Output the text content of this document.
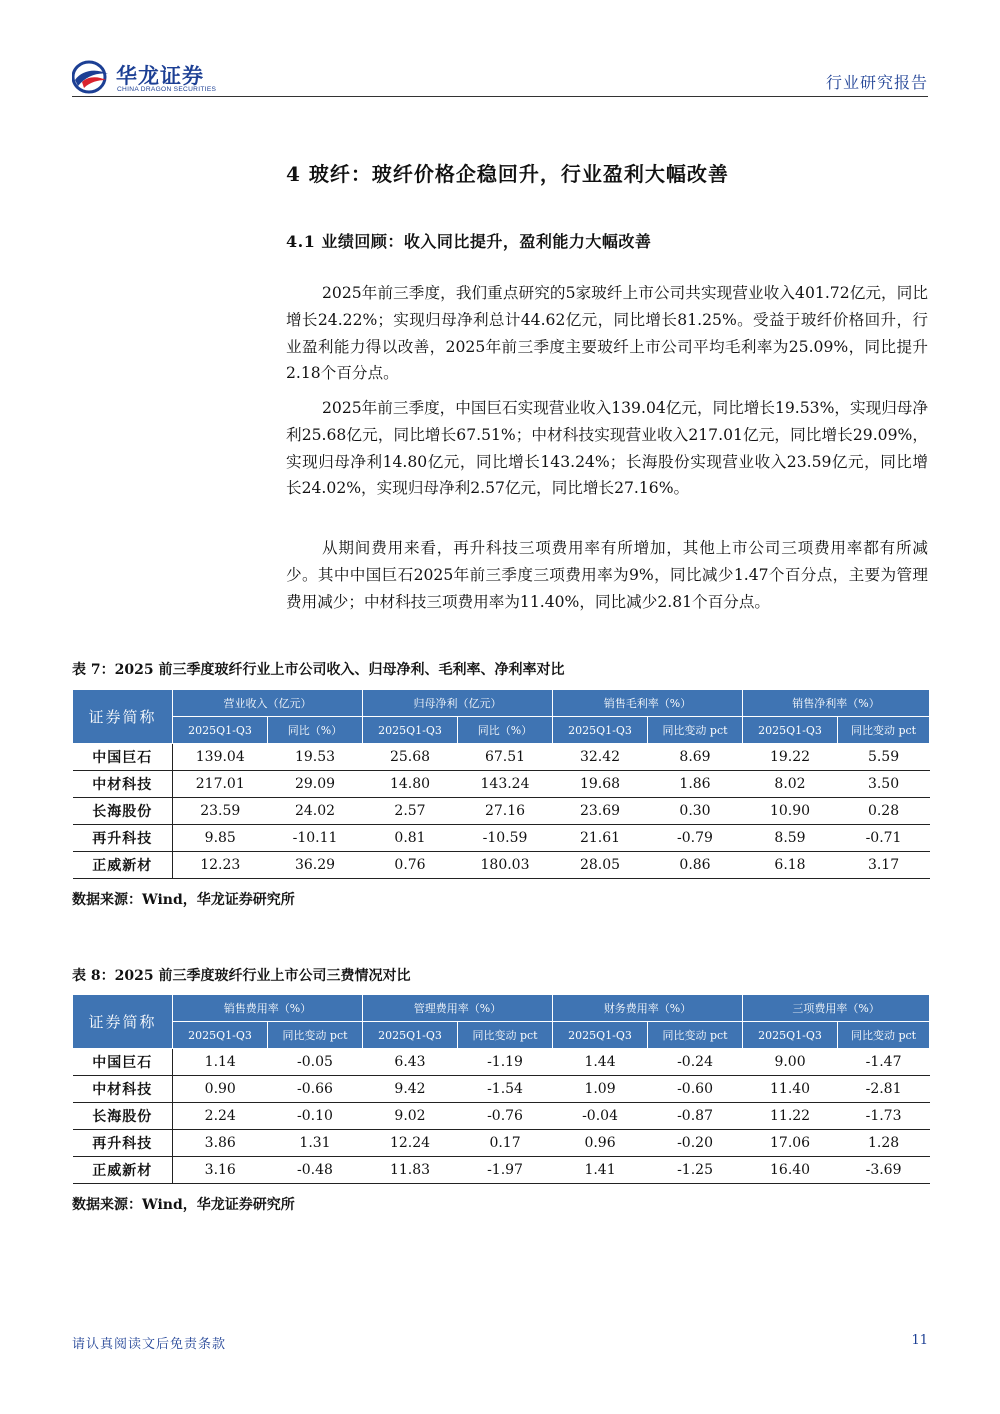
华龙证券
CHINA DRAGON SECURITIES	行业研究报告
4 玻纤：玻纤价格企稳回升，行业盈利大幅改善
4.1 业绩回顾：收入同比提升，盈利能力大幅改善
2025年前三季度，我们重点研究的5家玻纤上市公司共实现营业收入401.72亿元，同比增长24.22%；实现归母净利总计44.62亿元，同比增长81.25%。受益于玻纤价格回升，行业盈利能力得以改善，2025年前三季度主要玻纤上市公司平均毛利率为25.09%，同比提升2.18个百分点。
2025年前三季度，中国巨石实现营业收入139.04亿元，同比增长19.53%，实现归母净利25.68亿元，同比增长67.51%；中材科技实现营业收入217.01亿元，同比增长29.09%，实现归母净利14.80亿元，同比增长143.24%；长海股份实现营业收入23.59亿元，同比增长24.02%，实现归母净利2.57亿元，同比增长27.16%。
从期间费用来看，再升科技三项费用率有所增加，其他上市公司三项费用率都有所减少。其中中国巨石2025年前三季度三项费用率为9%，同比减少1.47个百分点，主要为管理费用减少；中材科技三项费用率为11.40%，同比减少2.81个百分点。
表 7：2025 前三季度玻纤行业上市公司收入、归母净利、毛利率、净利率对比
证券简称	营业收入（亿元）		归母净利（亿元）		销售毛利率（%）		销售净利率（%）	
	2025Q1-Q3	同比（%）	2025Q1-Q3	同比（%）	2025Q1-Q3	同比变动 pct	2025Q1-Q3	同比变动 pct
中国巨石	139.04	19.53	25.68	67.51	32.42	8.69	19.22	5.59
中材科技	217.01	29.09	14.80	143.24	19.68	1.86	8.02	3.50
长海股份	23.59	24.02	2.57	27.16	23.69	0.30	10.90	0.28
再升科技	9.85	-10.11	0.81	-10.59	21.61	-0.79	8.59	-0.71
正威新材	12.23	36.29	0.76	180.03	28.05	0.86	6.18	3.17
数据来源：Wind，华龙证券研究所
表 8：2025 前三季度玻纤行业上市公司三费情况对比
证券简称	销售费用率（%）		管理费用率（%）		财务费用率（%）		三项费用率（%）	
	2025Q1-Q3	同比变动 pct	2025Q1-Q3	同比变动 pct	2025Q1-Q3	同比变动 pct	2025Q1-Q3	同比变动 pct
中国巨石	1.14	-0.05	6.43	-1.19	1.44	-0.24	9.00	-1.47
中材科技	0.90	-0.66	9.42	-1.54	1.09	-0.60	11.40	-2.81
长海股份	2.24	-0.10	9.02	-0.76	-0.04	-0.87	11.22	-1.73
再升科技	3.86	1.31	12.24	0.17	0.96	-0.20	17.06	1.28
正威新材	3.16	-0.48	11.83	-1.97	1.41	-1.25	16.40	-3.69
数据来源：Wind，华龙证券研究所
请认真阅读文后免责条款	11
